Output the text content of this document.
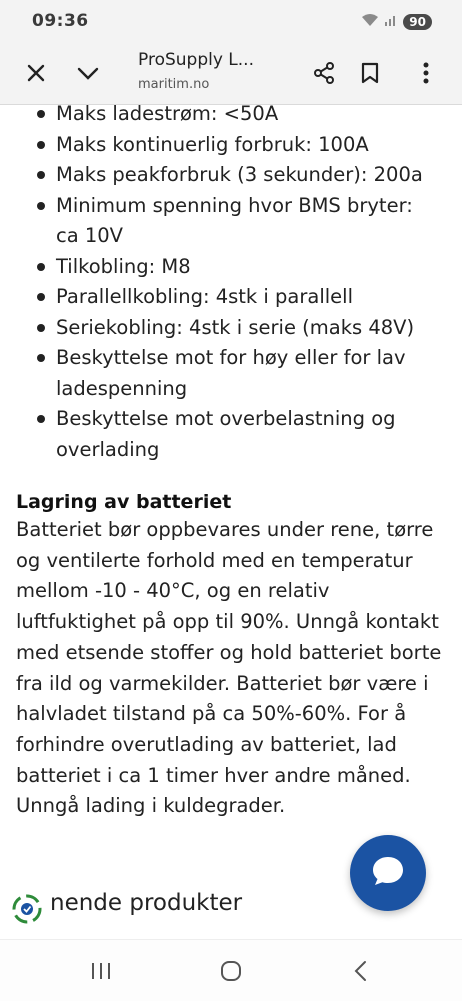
09:36	90
ProSupply L...
maritim.no
Maks ladestrøm: <50A
Maks kontinuerlig forbruk: 100A
Maks peakforbruk (3 sekunder): 200a
Minimum spenning hvor BMS bryter: ca 10V
Tilkobling: M8
Parallellkobling: 4stk i parallell
Seriekobling: 4stk i serie (maks 48V)
Beskyttelse mot for høy eller for lav ladespenning
Beskyttelse mot overbelastning og overlading
Lagring av batteriet

Batteriet bør oppbevares under rene, tørre og ventilerte forhold med en temperatur mellom -10 - 40°C, og en relativ luftfuktighet på opp til 90%. Unngå kontakt med etsende stoffer og hold batteriet borte fra ild og varmekilder. Batteriet bør være i halvladet tilstand på ca 50%-60%. For å forhindre overutlading av batteriet, lad batteriet i ca 1 timer hver andre måned. Unngå lading i kuldegrader.

nende produkter
